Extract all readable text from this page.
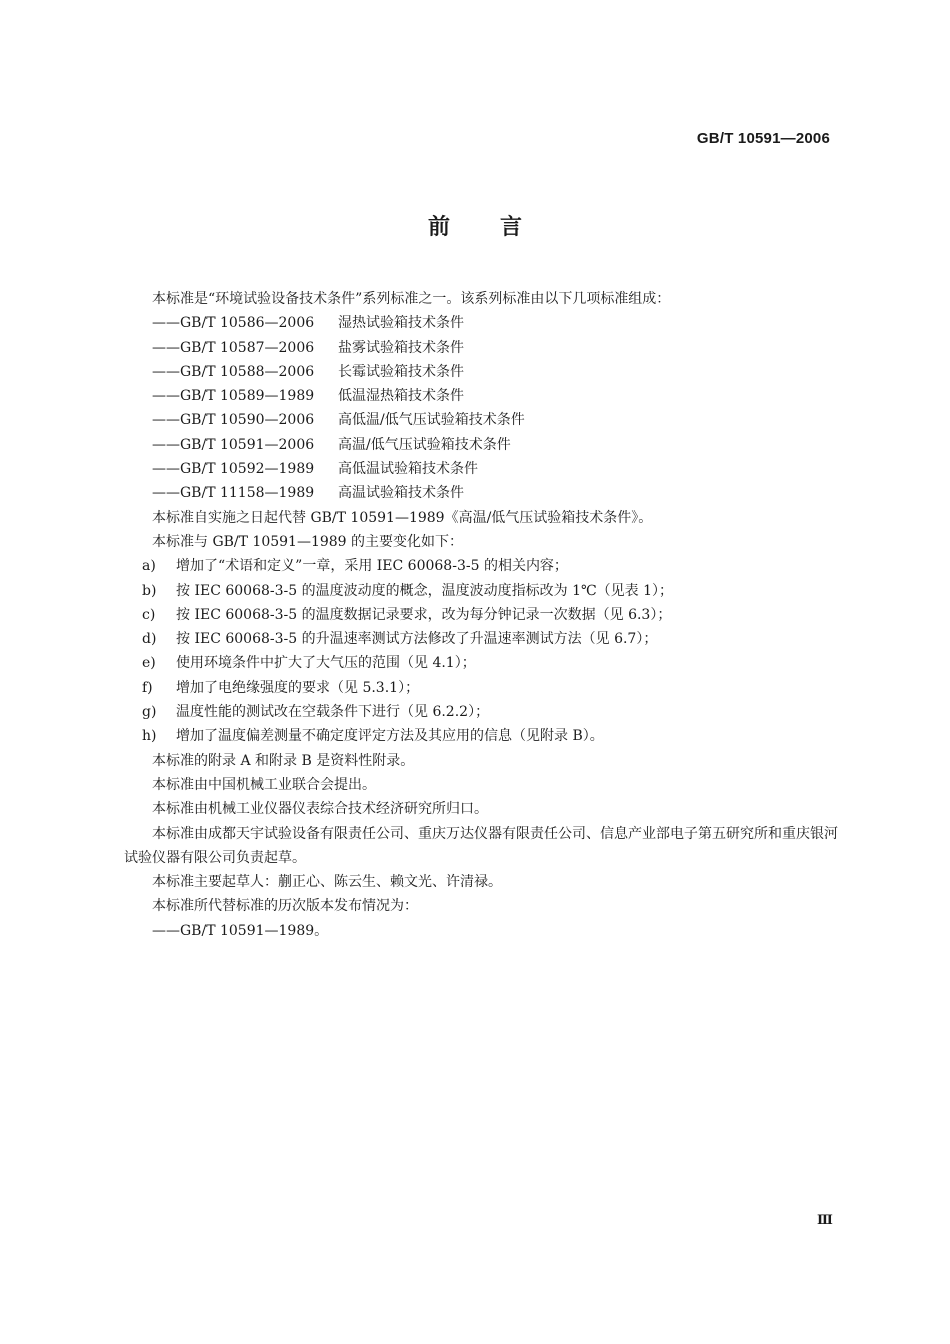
GB/T 10591—2006
前言
本标准是“环境试验设备技术条件”系列标准之一。该系列标准由以下几项标准组成：
——GB/T 10586—2006 湿热试验箱技术条件
——GB/T 10587—2006 盐雾试验箱技术条件
——GB/T 10588—2006 长霉试验箱技术条件
——GB/T 10589—1989 低温湿热箱技术条件
——GB/T 10590—2006 高低温/低气压试验箱技术条件
——GB/T 10591—2006 高温/低气压试验箱技术条件
——GB/T 10592—1989 高低温试验箱技术条件
——GB/T 11158—1989 高温试验箱技术条件
本标准自实施之日起代替 GB/T 10591—1989《高温/低气压试验箱技术条件》。
本标准与 GB/T 10591—1989 的主要变化如下：
a) 增加了“术语和定义”一章，采用 IEC 60068-3-5 的相关内容；
b) 按 IEC 60068-3-5 的温度波动度的概念，温度波动度指标改为 1℃（见表 1）；
c) 按 IEC 60068-3-5 的温度数据记录要求，改为每分钟记录一次数据（见 6.3）；
d) 按 IEC 60068-3-5 的升温速率测试方法修改了升温速率测试方法（见 6.7）；
e) 使用环境条件中扩大了大气压的范围（见 4.1）；
f) 增加了电绝缘强度的要求（见 5.3.1）；
g) 温度性能的测试改在空载条件下进行（见 6.2.2）；
h) 增加了温度偏差测量不确定度评定方法及其应用的信息（见附录 B）。
本标准的附录 A 和附录 B 是资料性附录。
本标准由中国机械工业联合会提出。
本标准由机械工业仪器仪表综合技术经济研究所归口。
本标准由成都天宇试验设备有限责任公司、重庆万达仪器有限责任公司、信息产业部电子第五研究所和重庆银河试验仪器有限公司负责起草。
本标准主要起草人：蒯正心、陈云生、赖文光、许清禄。
本标准所代替标准的历次版本发布情况为：
——GB/T 10591—1989。
Ⅲ
